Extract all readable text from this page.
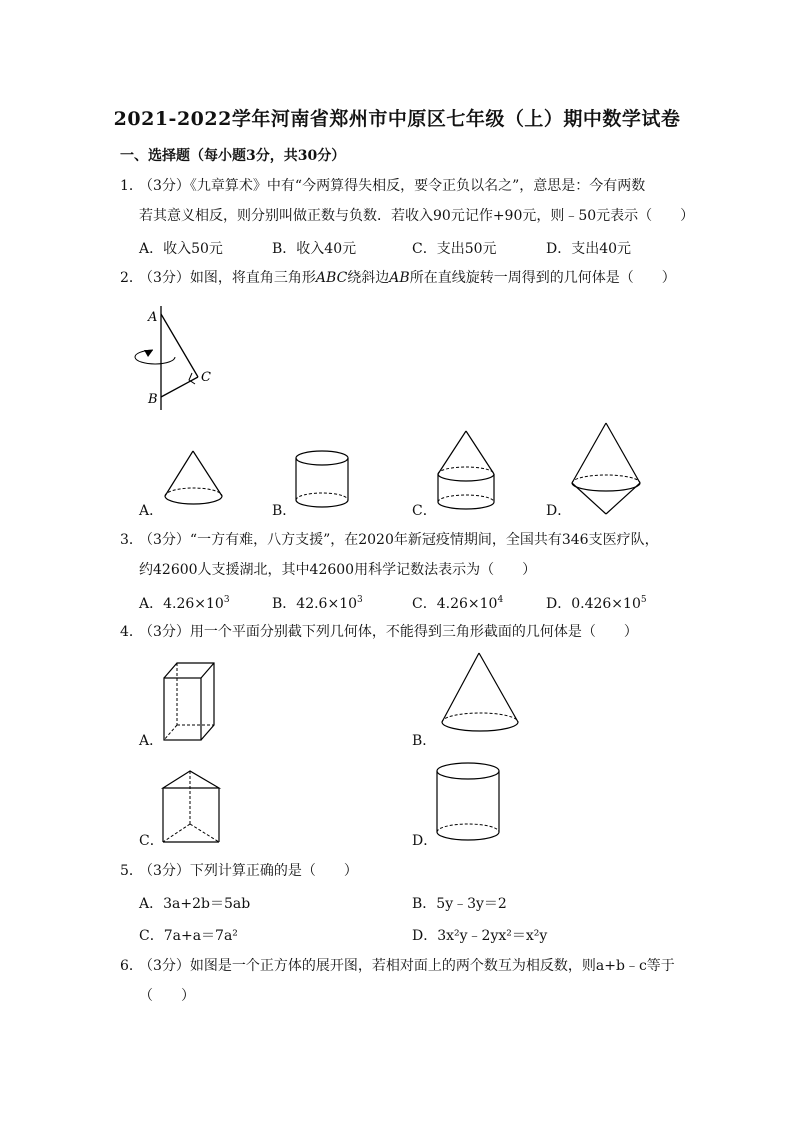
2021-2022学年河南省郑州市中原区七年级（上）期中数学试卷
一、选择题（每小题3分，共30分）
1．
（3分）《九章算术》中有“今两算得失相反，要令正负以名之”，意思是：今有两数
若其意义相反，则分别叫做正数与负数．若收入90元记作+90元，则﹣50元表示（　　）
A．收入50元	B．收入40元	C．支出50元	D．支出40元
2．
（3分）如图，将直角三角形ABC绕斜边AB所在直线旋转一周得到的几何体是（　　）
A
C
B
A．	B．	C．	D．
3．
（3分）“一方有难，八方支援”，在2020年新冠疫情期间，全国共有346支医疗队，
约42600人支援湖北，其中42600用科学记数法表示为（　　）
A．$4.26\times 10^3$	B．$42.6\times 10^3$	C．$4.26\times 10^4$	D．$0.426\times 10^5$
4．
（3分）用一个平面分别截下列几何体，不能得到三角形截面的几何体是（　　）
A．	B．
C．	D．
5．
（3分）下列计算正确的是（　　）
A．3a+2b＝5ab	B．5y﹣3y＝2
C．7a+a＝7a²	D．3x²y﹣2yx²＝x²y
6．
（3分）如图是一个正方体的展开图，若相对面上的两个数互为相反数，则a+b﹣c等于
（　　）
